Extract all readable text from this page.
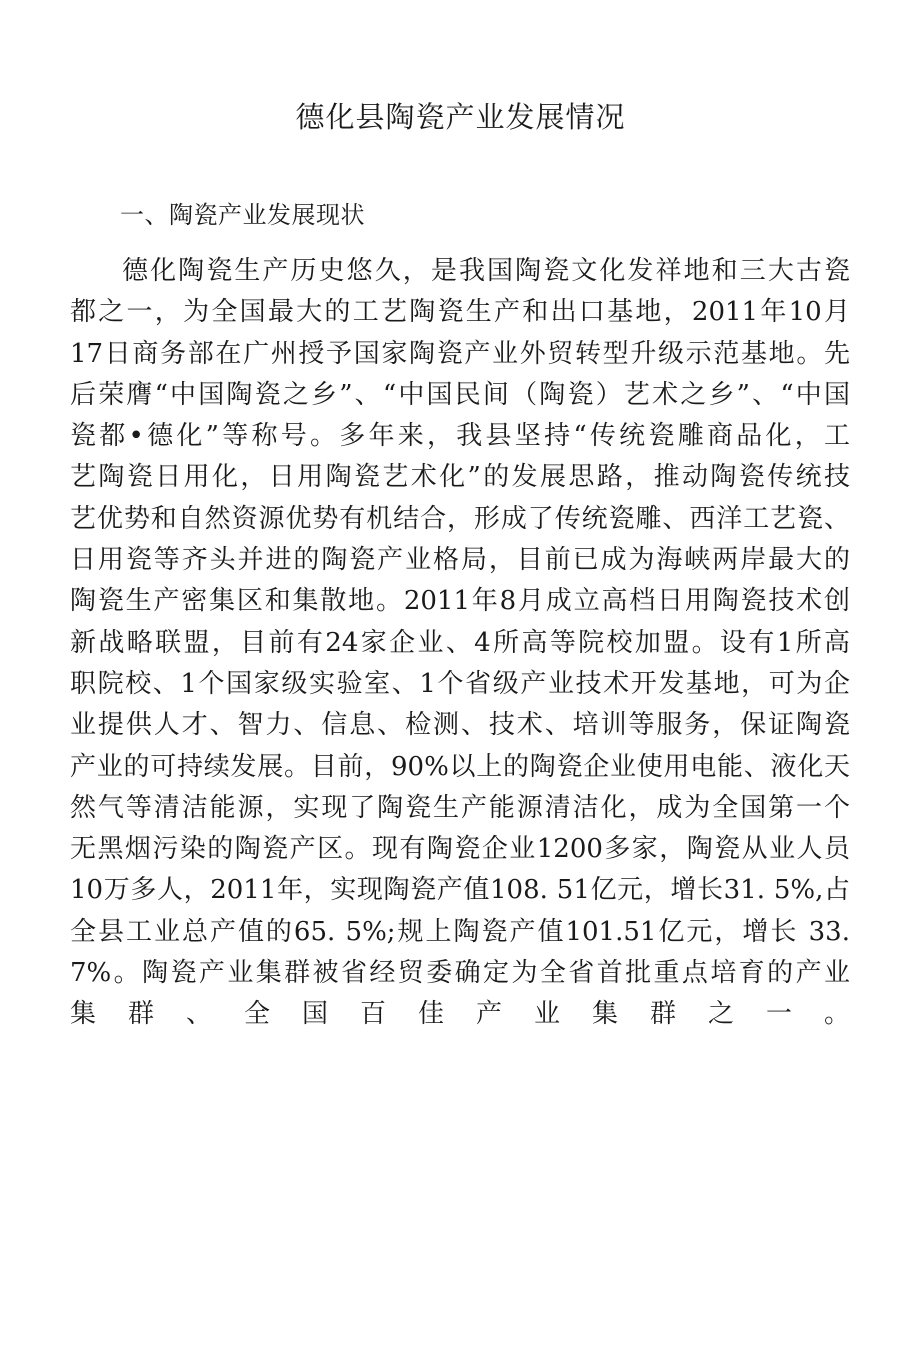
德化县陶瓷产业发展情况
一、陶瓷产业发展现状
德化陶瓷生产历史悠久，是我国陶瓷文化发祥地和三大古瓷
都之一，为全国最大的工艺陶瓷生产和出口基地，2011年10月
17日商务部在广州授予国家陶瓷产业外贸转型升级示范基地。先
后荣膺“中国陶瓷之乡”、“中国民间（陶瓷）艺术之乡”、“中国
瓷都•德化”等称号。多年来，我县坚持“传统瓷雕商品化，工
艺陶瓷日用化，日用陶瓷艺术化”的发展思路，推动陶瓷传统技
艺优势和自然资源优势有机结合，形成了传统瓷雕、西洋工艺瓷、
日用瓷等齐头并进的陶瓷产业格局，目前已成为海峡两岸最大的
陶瓷生产密集区和集散地。2011年8月成立高档日用陶瓷技术创
新战略联盟，目前有24家企业、4所高等院校加盟。设有1所高
职院校、1个国家级实验室、1个省级产业技术开发基地，可为企
业提供人才、智力、信息、检测、技术、培训等服务，保证陶瓷
产业的可持续发展。目前，90%以上的陶瓷企业使用电能、液化天
然气等清洁能源，实现了陶瓷生产能源清洁化，成为全国第一个
无黑烟污染的陶瓷产区。现有陶瓷企业1200多家，陶瓷从业人员
10万多人，2011年，实现陶瓷产值108. 51亿元，增长31. 5%,占
全县工业总产值的65. 5%;规上陶瓷产值101.51亿元，增长 33.
7%。陶瓷产业集群被省经贸委确定为全省首批重点培育的产业
集群、全国百佳产业集群之一。
